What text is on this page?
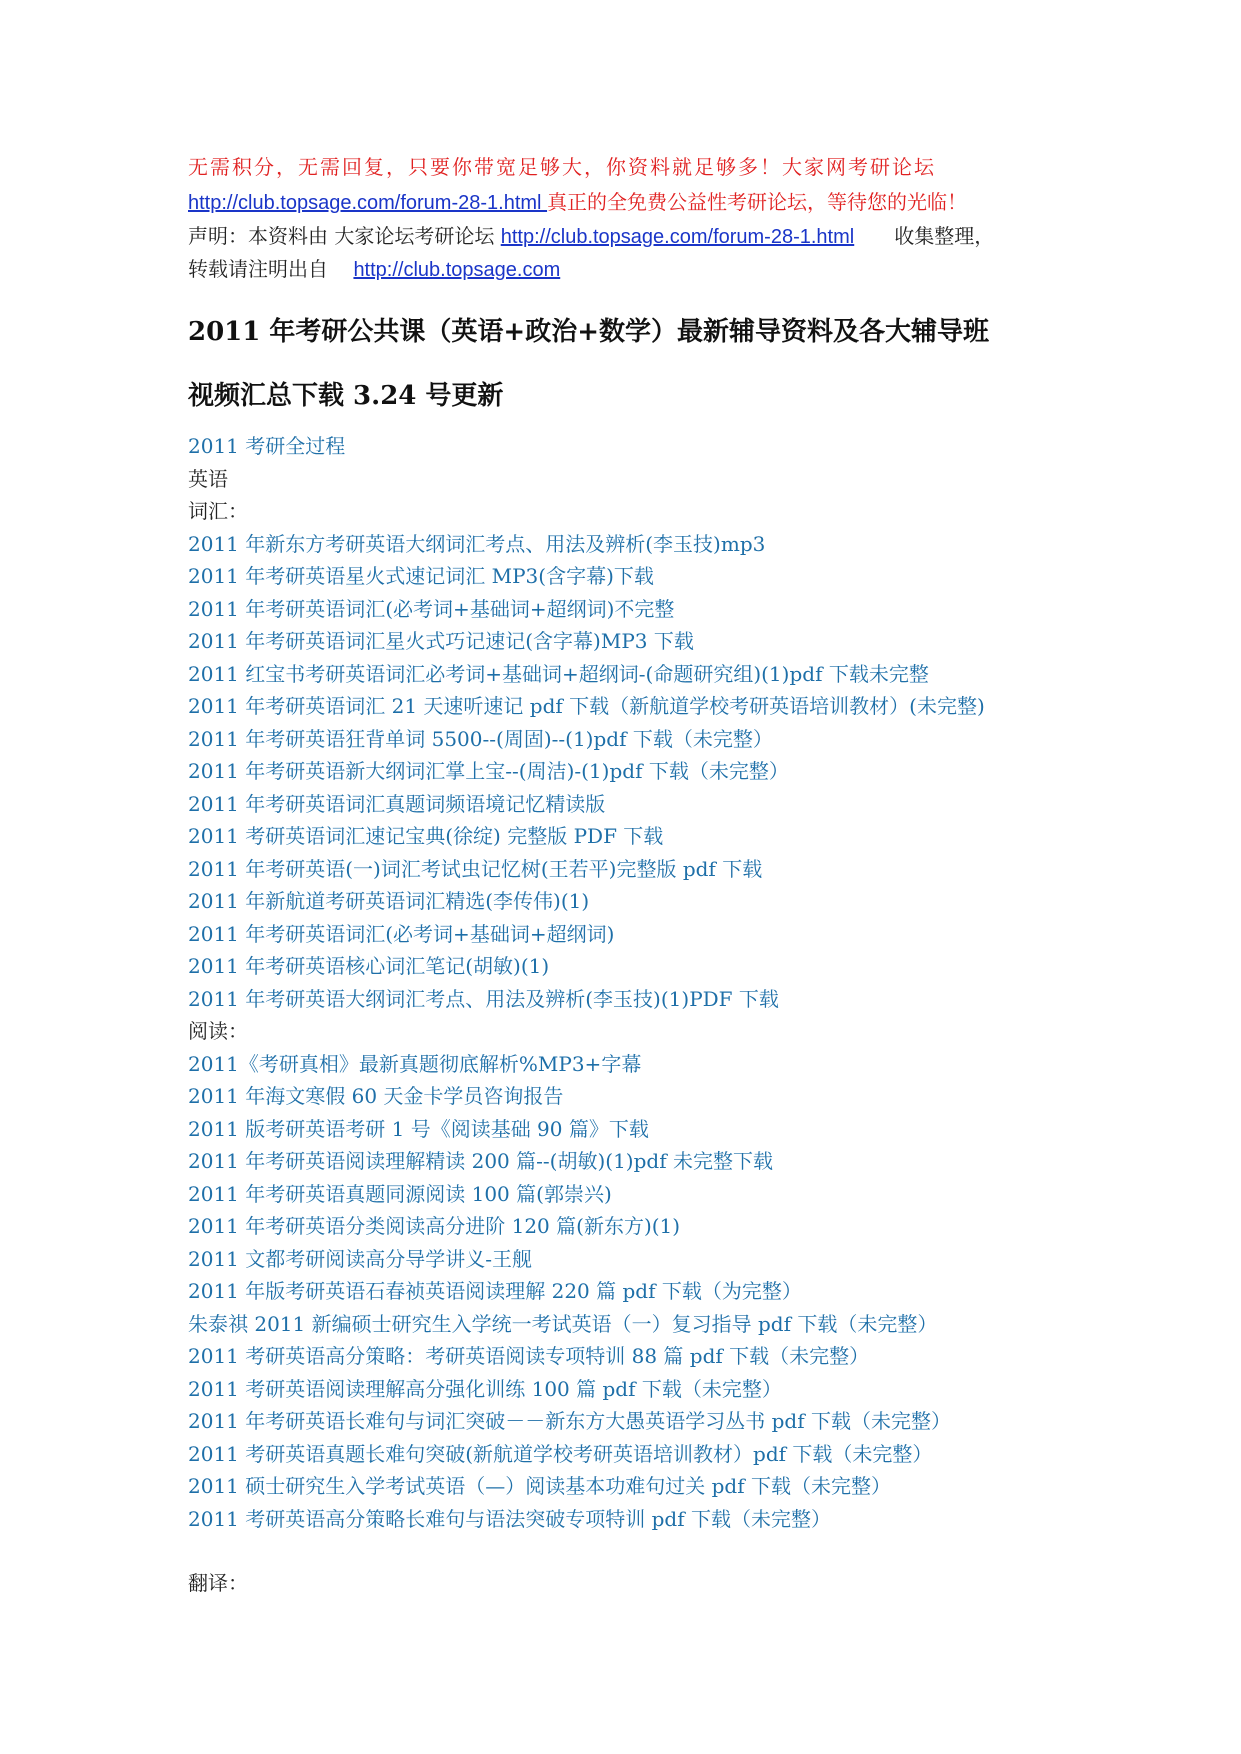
无需积分，无需回复，只要你带宽足够大，你资料就足够多！大家网考研论坛
http://club.topsage.com/forum-28-1.html 真正的全免费公益性考研论坛，等待您的光临！
声明：本资料由 大家论坛考研论坛 http://club.topsage.com/forum-28-1.html 收集整理，
转载请注明出自 http://club.topsage.com
2011 年考研公共课（英语+政治+数学）最新辅导资料及各大辅导班
视频汇总下载 3.24 号更新
2011 考研全过程
英语
词汇：
2011 年新东方考研英语大纲词汇考点、用法及辨析(李玉技)mp3
2011 年考研英语星火式速记词汇 MP3(含字幕)下载
2011 年考研英语词汇(必考词+基础词+超纲词)不完整
2011 年考研英语词汇星火式巧记速记(含字幕)MP3 下载
2011 红宝书考研英语词汇必考词+基础词+超纲词-(命题研究组)(1)pdf 下载未完整
2011 年考研英语词汇 21 天速听速记 pdf 下载（新航道学校考研英语培训教材）(未完整)
2011 年考研英语狂背单词 5500--(周固)--(1)pdf 下载（未完整）
2011 年考研英语新大纲词汇掌上宝--(周洁)-(1)pdf 下载（未完整）
2011 年考研英语词汇真题词频语境记忆精读版
2011 考研英语词汇速记宝典(徐绽) 完整版 PDF 下载
2011 年考研英语(一)词汇考试虫记忆树(王若平)完整版 pdf 下载
2011 年新航道考研英语词汇精选(李传伟)(1)
2011 年考研英语词汇(必考词+基础词+超纲词)
2011 年考研英语核心词汇笔记(胡敏)(1)
2011 年考研英语大纲词汇考点、用法及辨析(李玉技)(1)PDF 下载
阅读：
2011《考研真相》最新真题彻底解析%MP3+字幕
2011 年海文寒假 60 天金卡学员咨询报告
2011 版考研英语考研 1 号《阅读基础 90 篇》下载
2011 年考研英语阅读理解精读 200 篇--(胡敏)(1)pdf 未完整下载
2011 年考研英语真题同源阅读 100 篇(郭崇兴)
2011 年考研英语分类阅读高分进阶 120 篇(新东方)(1)
2011 文都考研阅读高分导学讲义-王舰
2011 年版考研英语石春祯英语阅读理解 220 篇 pdf 下载（为完整）
朱泰祺 2011 新编硕士研究生入学统一考试英语（一）复习指导 pdf 下载（未完整）
2011 考研英语高分策略：考研英语阅读专项特训 88 篇 pdf 下载（未完整）
2011 考研英语阅读理解高分强化训练 100 篇 pdf 下载（未完整）
2011 年考研英语长难句与词汇突破－－新东方大愚英语学习丛书 pdf 下载（未完整）
2011 考研英语真题长难句突破(新航道学校考研英语培训教材）pdf 下载（未完整）
2011 硕士研究生入学考试英语（—）阅读基本功难句过关 pdf 下载（未完整）
2011 考研英语高分策略长难句与语法突破专项特训 pdf 下载（未完整）
翻译：
